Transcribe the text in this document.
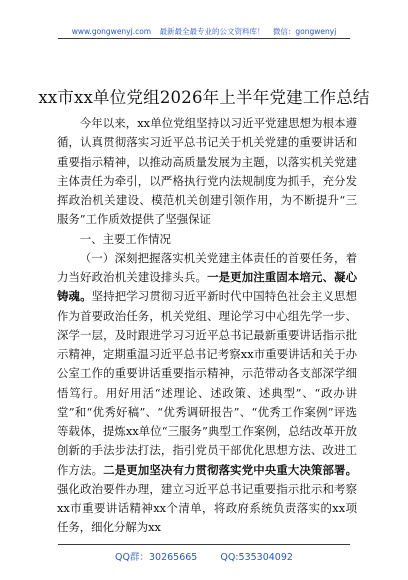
www.gongwenyj.com 最新最全最专业的公文资料库！ 微信：gongwenyj
xx市xx单位党组2026年上半年党建工作总结

今年以来，xx单位党组坚持以习近平党建思想为根本遵循，认真贯彻落实习近平总书记关于机关党建的重要讲话和重要指示精神，以推动高质量发展为主题，以落实机关党建主体责任为牵引，以严格执行党内法规制度为抓手，充分发挥政治机关建设、模范机关创建引领作用，为不断提升“三服务”工作质效提供了坚强保证

一、主要工作情况

（一）深刻把握落实机关党建主体责任的首要任务，着力当好政治机关建设排头兵。一是更加注重固本培元、凝心铸魂。坚持把学习贯彻习近平新时代中国特色社会主义思想作为首要政治任务，机关党组、理论学习中心组先学一步、深学一层，及时跟进学习习近平总书记最新重要讲话指示批示精神，定期重温习近平总书记考察xx市重要讲话和关于办公室工作的重要讲话重要指示精神，示范带动各支部深学细悟笃行。用好用活“述理论、述政策、述典型”、“政办讲堂”和“优秀好稿”、“优秀调研报告”、“优秀工作案例”评选等载体，提炼xx单位“三服务”典型工作案例，总结改革开放创新的手法步法打法，指引党员干部优化思想方法、改进工作方法。二是更加坚决有力贯彻落实党中央重大决策部署。强化政治要件办理，建立习近平总书记重要指示批示和考察xx市重要讲话精神xx个清单，将政府系统负责落实的xx项任务，细化分解为xx

QQ群：30265665 QQ:535304092
